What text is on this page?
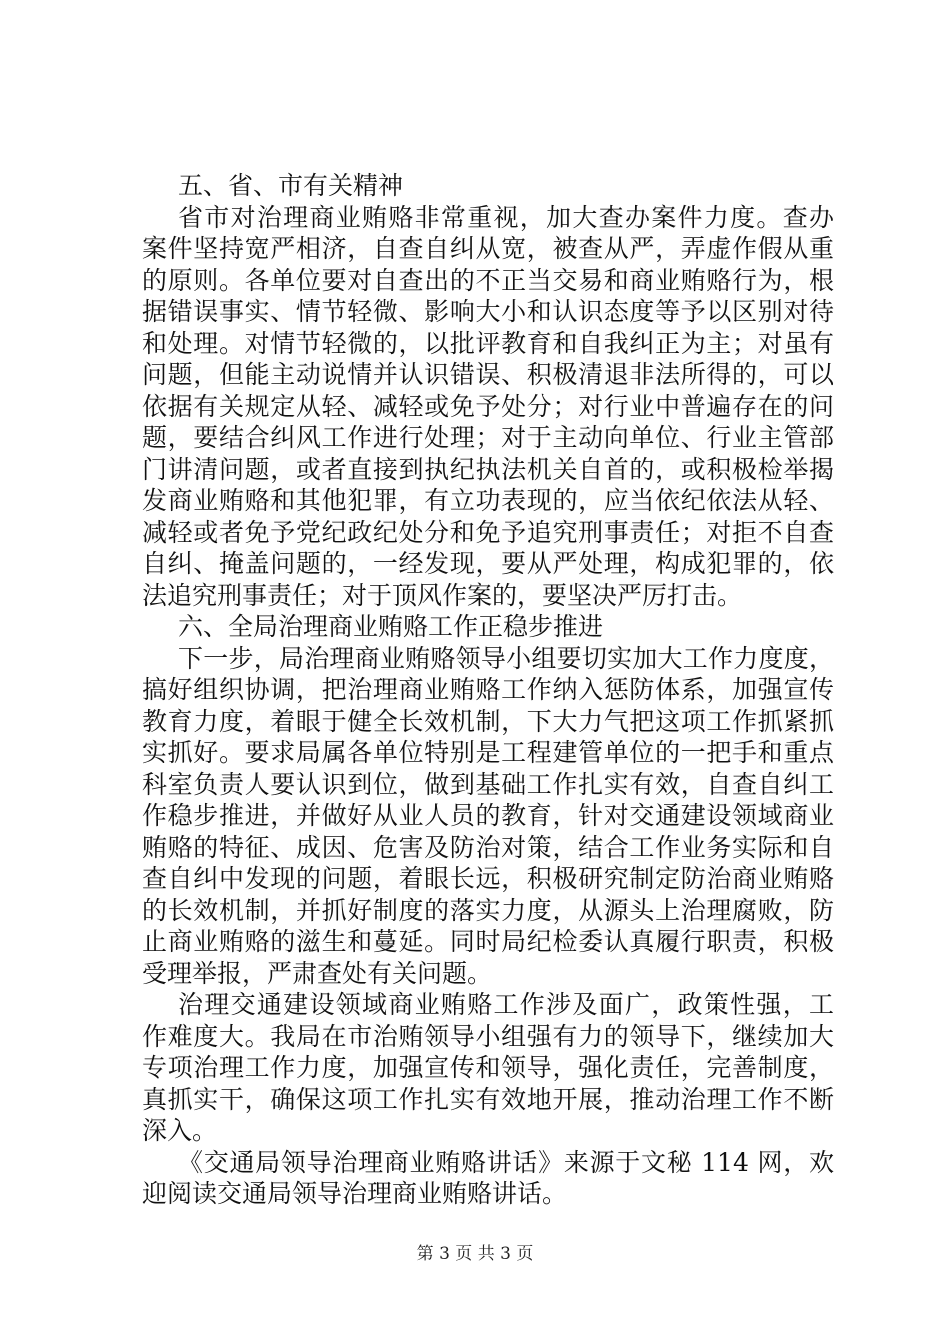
五、省、市有关精神
省市对治理商业贿赂非常重视，加大查办案件力度。查办
案件坚持宽严相济，自查自纠从宽，被查从严，弄虚作假从重
的原则。各单位要对自查出的不正当交易和商业贿赂行为，根
据错误事实、情节轻微、影响大小和认识态度等予以区别对待
和处理。对情节轻微的，以批评教育和自我纠正为主；对虽有
问题，但能主动说情并认识错误、积极清退非法所得的，可以
依据有关规定从轻、减轻或免予处分；对行业中普遍存在的问
题，要结合纠风工作进行处理；对于主动向单位、行业主管部
门讲清问题，或者直接到执纪执法机关自首的，或积极检举揭
发商业贿赂和其他犯罪，有立功表现的，应当依纪依法从轻、
减轻或者免予党纪政纪处分和免予追究刑事责任；对拒不自查
自纠、掩盖问题的，一经发现，要从严处理，构成犯罪的，依
法追究刑事责任；对于顶风作案的，要坚决严厉打击。
六、全局治理商业贿赂工作正稳步推进
下一步，局治理商业贿赂领导小组要切实加大工作力度度，
搞好组织协调，把治理商业贿赂工作纳入惩防体系，加强宣传
教育力度，着眼于健全长效机制，下大力气把这项工作抓紧抓
实抓好。要求局属各单位特别是工程建管单位的一把手和重点
科室负责人要认识到位，做到基础工作扎实有效，自查自纠工
作稳步推进，并做好从业人员的教育，针对交通建设领域商业
贿赂的特征、成因、危害及防治对策，结合工作业务实际和自
查自纠中发现的问题，着眼长远，积极研究制定防治商业贿赂
的长效机制，并抓好制度的落实力度，从源头上治理腐败，防
止商业贿赂的滋生和蔓延。同时局纪检委认真履行职责，积极
受理举报，严肃查处有关问题。
治理交通建设领域商业贿赂工作涉及面广，政策性强，工
作难度大。我局在市治贿领导小组强有力的领导下，继续加大
专项治理工作力度，加强宣传和领导，强化责任，完善制度，
真抓实干，确保这项工作扎实有效地开展，推动治理工作不断
深入。
《交通局领导治理商业贿赂讲话》来源于文秘 114 网，欢
迎阅读交通局领导治理商业贿赂讲话。
第 3 页 共 3 页
